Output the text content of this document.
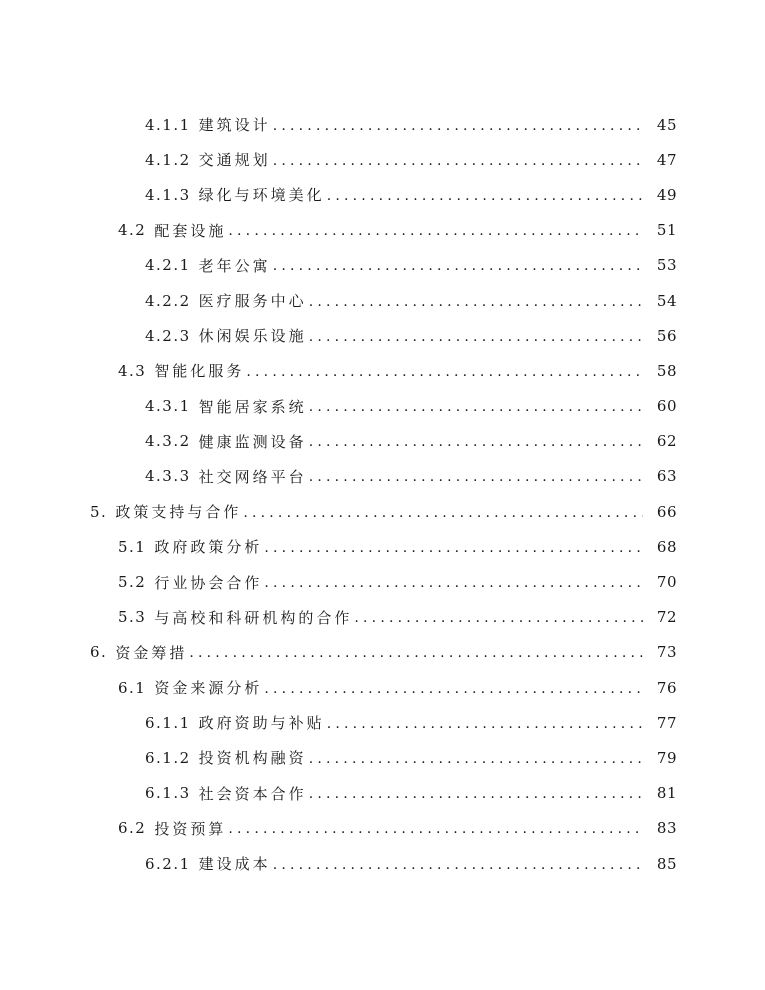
4.1.1 建筑设计 .....	45
4.1.2 交通规划 .....	47
4.1.3 绿化与环境美化 .....	49
4.2 配套设施 .....	51
4.2.1 老年公寓 .....	53
4.2.2 医疗服务中心 .....	54
4.2.3 休闲娱乐设施 .....	56
4.3 智能化服务 .....	58
4.3.1 智能居家系统 .....	60
4.3.2 健康监测设备 .....	62
4.3.3 社交网络平台 .....	63
5. 政策支持与合作 .....	66
5.1 政府政策分析 .....	68
5.2 行业协会合作 .....	70
5.3 与高校和科研机构的合作 .....	72
6. 资金筹措 .....	73
6.1 资金来源分析 .....	76
6.1.1 政府资助与补贴 .....	77
6.1.2 投资机构融资 .....	79
6.1.3 社会资本合作 .....	81
6.2 投资预算 .....	83
6.2.1 建设成本 .....	85
